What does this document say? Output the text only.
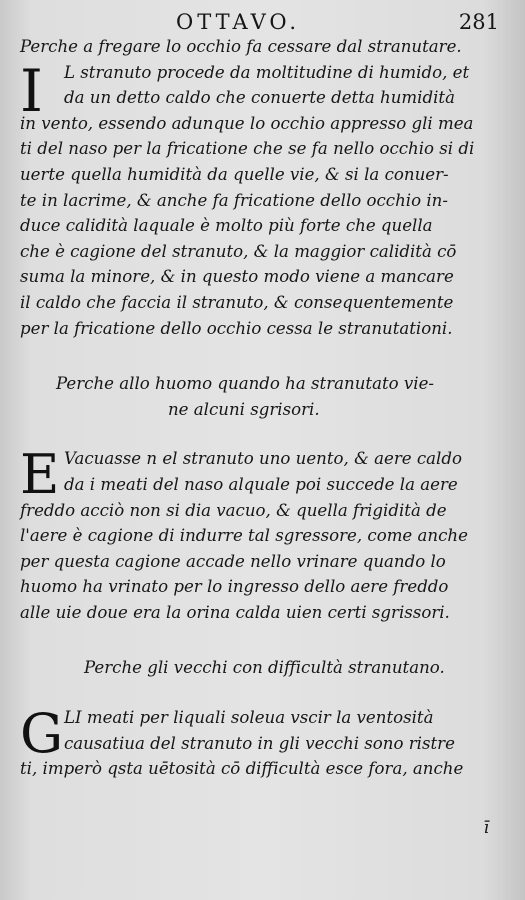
OTTAVO.	281

Perche a fregare lo occhio fa cessare dal stranutare.

I	L stranuto procede da moltitudine di humido, et

da un detto caldo che conuerte detta humidità

in vento, essendo adunque lo occhio appresso gli mea

ti del naso per la fricatione che se fa nello occhio si di

uerte quella humidità da quelle vie, & si la conuer-

te in lacrime, & anche fa fricatione dello occhio in-

duce calidità laquale è molto più forte che quella

che è cagione del stranuto, & la maggior calidità cō

suma la minore, & in questo modo viene a mancare

il caldo che faccia il stranuto, & consequentemente

per la fricatione dello occhio cessa le stranutationi.

Perche allo huomo quando ha stranutato vie-

ne alcuni sgrisori.

E Vacuasse n el stranuto uno uento, & aere caldo

da i meati del naso alquale poi succede la aere

freddo acciò non si dia vacuo, & quella frigidità de

l'aere è cagione di indurre tal sgressore, come anche

per questa cagione accade nello vrinare quando lo

huomo ha vrinato per lo ingresso dello aere freddo

alle uie doue era la orina calda uien certi sgrissori.

Perche gli vecchi con difficultà stranutano.

G LI meati per liquali soleua vscir la ventosità

causatiua del stranuto in gli vecchi sono ristre

ti, imperò qsta uētosità cō difficultà esce fora, anche

ī
